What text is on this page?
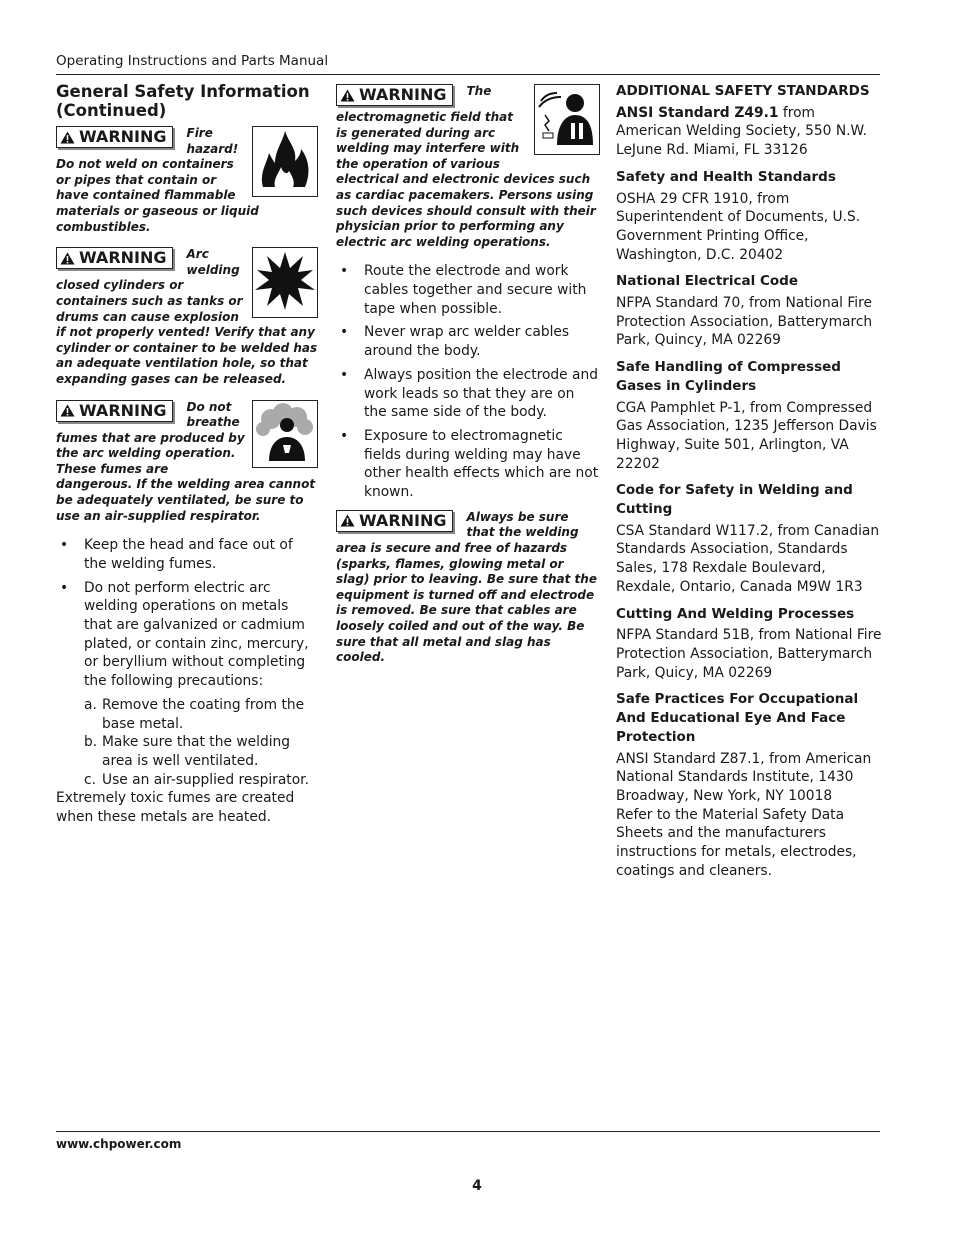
Operating Instructions and Parts Manual
General Safety Information (Continued)
WARNING Fire hazard! Do not weld on containers or pipes that contain or have contained flammable materials or gaseous or liquid combustibles.
WARNING Arc welding closed cylinders or containers such as tanks or drums can cause explosion if not properly vented! Verify that any cylinder or container to be welded has an adequate ventilation hole, so that expanding gases can be released.
WARNING Do not breathe fumes that are produced by the arc welding operation. These fumes are dangerous. If the welding area cannot be adequately ventilated, be sure to use an air-supplied respirator.
• Keep the head and face out of the welding fumes.
• Do not perform electric arc welding operations on metals that are galvanized or cadmium plated, or contain zinc, mercury, or beryllium without completing the following precautions:
a. Remove the coating from the base metal.
b. Make sure that the welding area is well ventilated.
c. Use an air-supplied respirator.

Extremely toxic fumes are created when these metals are heated.

WARNING The electromagnetic field that is generated during arc welding may interfere with the operation of various electrical and electronic devices such as cardiac pacemakers. Persons using such devices should consult with their physician prior to performing any electric arc welding operations.
• Route the electrode and work cables together and secure with tape when possible.
• Never wrap arc welder cables around the body.
• Always position the electrode and work leads so that they are on the same side of the body.
• Exposure to electromagnetic fields during welding may have other health effects which are not known.
WARNING Always be sure that the welding area is secure and free of hazards (sparks, flames, glowing metal or slag) prior to leaving. Be sure that the equipment is turned off and electrode is removed. Be sure that cables are loosely coiled and out of the way. Be sure that all metal and slag has cooled.
ADDITIONAL SAFETY STANDARDS

ANSI Standard Z49.1 from American Welding Society, 550 N.W. LeJune Rd. Miami, FL 33126

Safety and Health Standards

OSHA 29 CFR 1910, from Superintendent of Documents, U.S. Government Printing Office, Washington, D.C. 20402

National Electrical Code

NFPA Standard 70, from National Fire Protection Association, Batterymarch Park, Quincy, MA 02269

Safe Handling of Compressed Gases in Cylinders

CGA Pamphlet P-1, from Compressed Gas Association, 1235 Jefferson Davis Highway, Suite 501, Arlington, VA 22202

Code for Safety in Welding and Cutting

CSA Standard W117.2, from Canadian Standards Association, Standards Sales, 178 Rexdale Boulevard, Rexdale, Ontario, Canada M9W 1R3

Cutting And Welding Processes

NFPA Standard 51B, from National Fire Protection Association, Batterymarch Park, Quicy, MA 02269

Safe Practices For Occupational And Educational Eye And Face Protection

ANSI Standard Z87.1, from American National Standards Institute, 1430 Broadway, New York, NY 10018

Refer to the Material Safety Data Sheets and the manufacturers instructions for metals, electrodes, coatings and cleaners.

www.chpower.com
4
